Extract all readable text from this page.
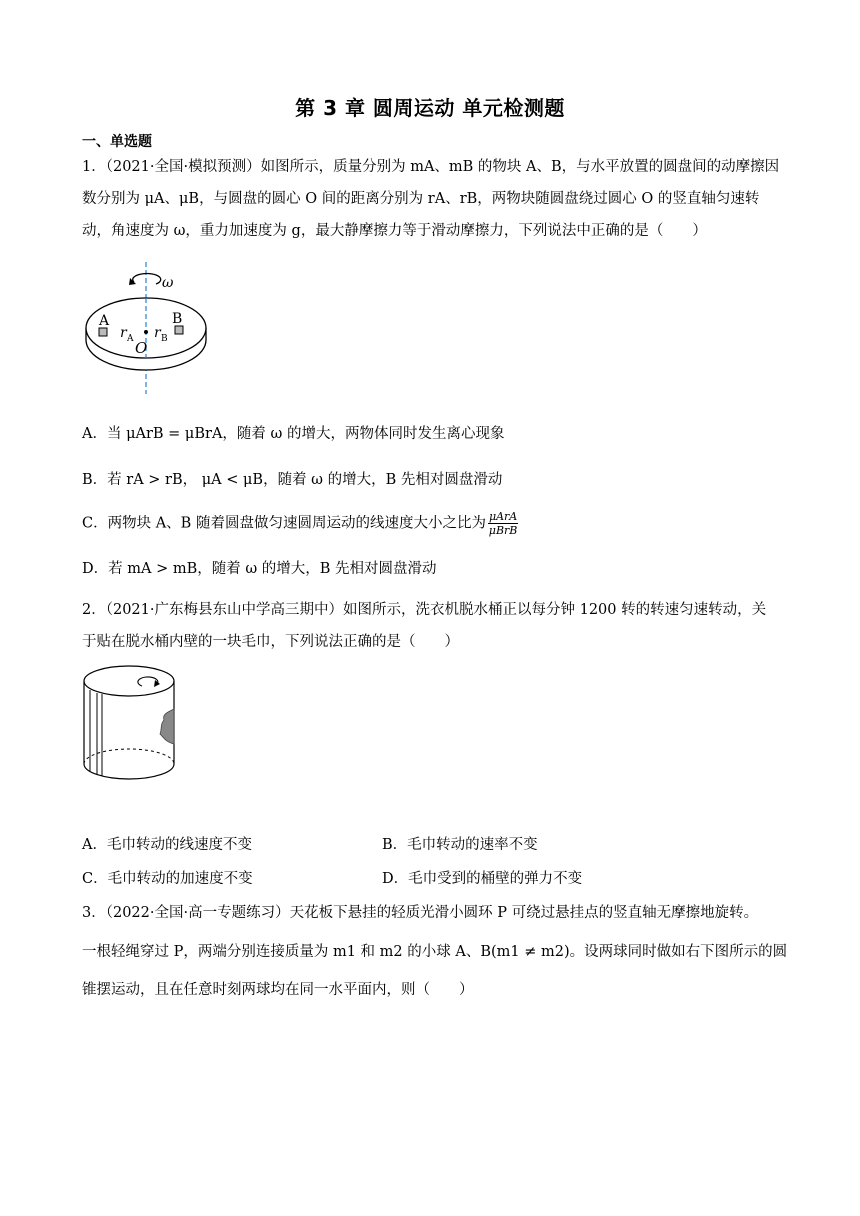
第 3 章 圆周运动 单元检测题
一、单选题
1．（2021·全国·模拟预测）如图所示，质量分别为 mA、mB 的物块 A、B，与水平放置的圆盘间的动摩擦因
数分别为 μA、μB，与圆盘的圆心 O 间的距离分别为 rA、rB，两物块随圆盘绕过圆心 O 的竖直轴匀速转
动，角速度为 ω，重力加速度为 g，最大静摩擦力等于滑动摩擦力，下列说法中正确的是（　　）
ω
A	B
r A r B
O
A．当 μArB = μBrA，随着 ω 的增大，两物体同时发生离心现象
B．若 rA > rB， μA < μB，随着 ω 的增大，B 先相对圆盘滑动
C．两物块 A、B 随着圆盘做匀速圆周运动的线速度大小之比为 $\frac{\text{μArA}}{\text{μBrB}}$
D．若 mA > mB，随着 ω 的增大，B 先相对圆盘滑动
2．（2021·广东梅县东山中学高三期中）如图所示，洗衣机脱水桶正以每分钟 1200 转的转速匀速转动，关
于贴在脱水桶内壁的一块毛巾，下列说法正确的是（　　）
A．毛巾转动的线速度不变	B．毛巾转动的速率不变
C．毛巾转动的加速度不变	D．毛巾受到的桶壁的弹力不变
3．（2022·全国·高一专题练习）天花板下悬挂的轻质光滑小圆环 P 可绕过悬挂点的竖直轴无摩擦地旋转。
一根轻绳穿过 P，两端分别连接质量为 m1 和 m2 的小球 A、B(m1 ≠ m2)。设两球同时做如右下图所示的圆
锥摆运动，且在任意时刻两球均在同一水平面内，则（　　）
